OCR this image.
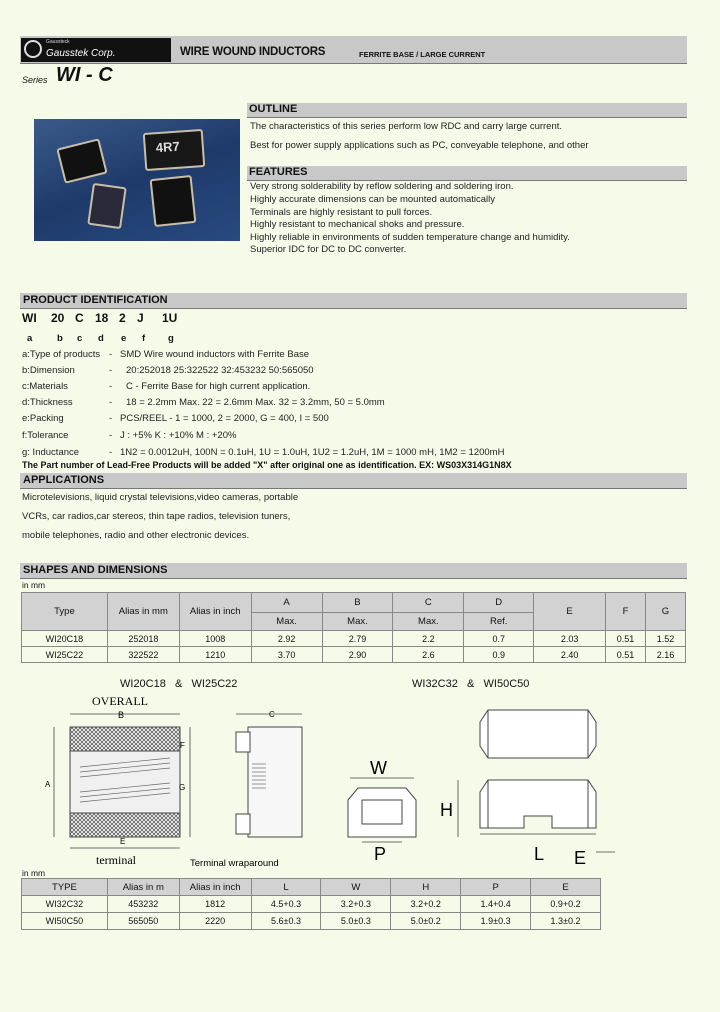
Gaussteck
Gausstek Corp.	WIRE WOUND INDUCTORS	FERRITE BASE / LARGE CURRENT
Series WI - C
4R7
OUTLINE
The characteristics of this series perform low RDC and carry large current.
Best for power supply applications such as PC, conveyable telephone, and other
FEATURES
Very strong solderability by reflow soldering and soldering iron.
Highly accurate dimensions can be mounted automatically
Terminals are highly resistant to pull forces.
Highly resistant to mechanical shoks and pressure.
Highly reliable in environments of sudden temperature change and humidity.
Superior IDC for DC to DC converter.
PRODUCT IDENTIFICATION
WI 20 C 18 2 J 1U
a	b c d e f g
a:Type of products - SMD Wire wound inductors with Ferrite Base
b:Dimension	- 20:252018 25:322522 32:453232 50:565050
c:Materials	- C - Ferrite Base for high current application.
d:Thickness	- 18 = 2.2mm Max. 22 = 2.6mm Max. 32 = 3.2mm, 50 = 5.0mm
e:Packing	- PCS/REEL - 1 = 1000, 2 = 2000, G = 400, I = 500
f:Tolerance	- J : +5% K : +10% M : +20%
g: Inductance	- 1N2 = 0.0012uH, 100N = 0.1uH, 1U = 1.0uH, 1U2 = 1.2uH, 1M = 1000 mH, 1M2 = 1200mH
The Part number of Lead-Free Products will be added "X" after original one as identification. EX: WS03X314G1N8X
APPLICATIONS
Microtelevisions, liquid crystal televisions,video cameras, portable
VCRs, car radios,car stereos, thin tape radios, television tuners,
mobile telephones, radio and other electronic devices.
SHAPES AND DIMENSIONS
in mm
Type	Alias in mm	Alias in inch	A	B	C	D	E	F	G
			Max.	Max.	Max.	Ref.			
WI20C18	252018	1008	2.92	2.79	2.2	0.7	2.03	0.51	1.52
WI25C22	322522	1210	3.70	2.90	2.6	0.9	2.40	0.51	2.16
WI20C18   &   WI25C22	WI32C32   &   WI50C50
OVERALL
B
A
F
G
E
terminal
C
Terminal wraparound
W
P
H
L E
in mm
TYPE	Alias in m	Alias in inch	L	W	H	P	E
WI32C32	453232	1812	4.5+0.3	3.2+0.3	3.2+0.2	1.4+0.4	0.9+0.2
WI50C50	565050	2220	5.6±0.3	5.0±0.3	5.0±0.2	1.9±0.3	1.3±0.2
